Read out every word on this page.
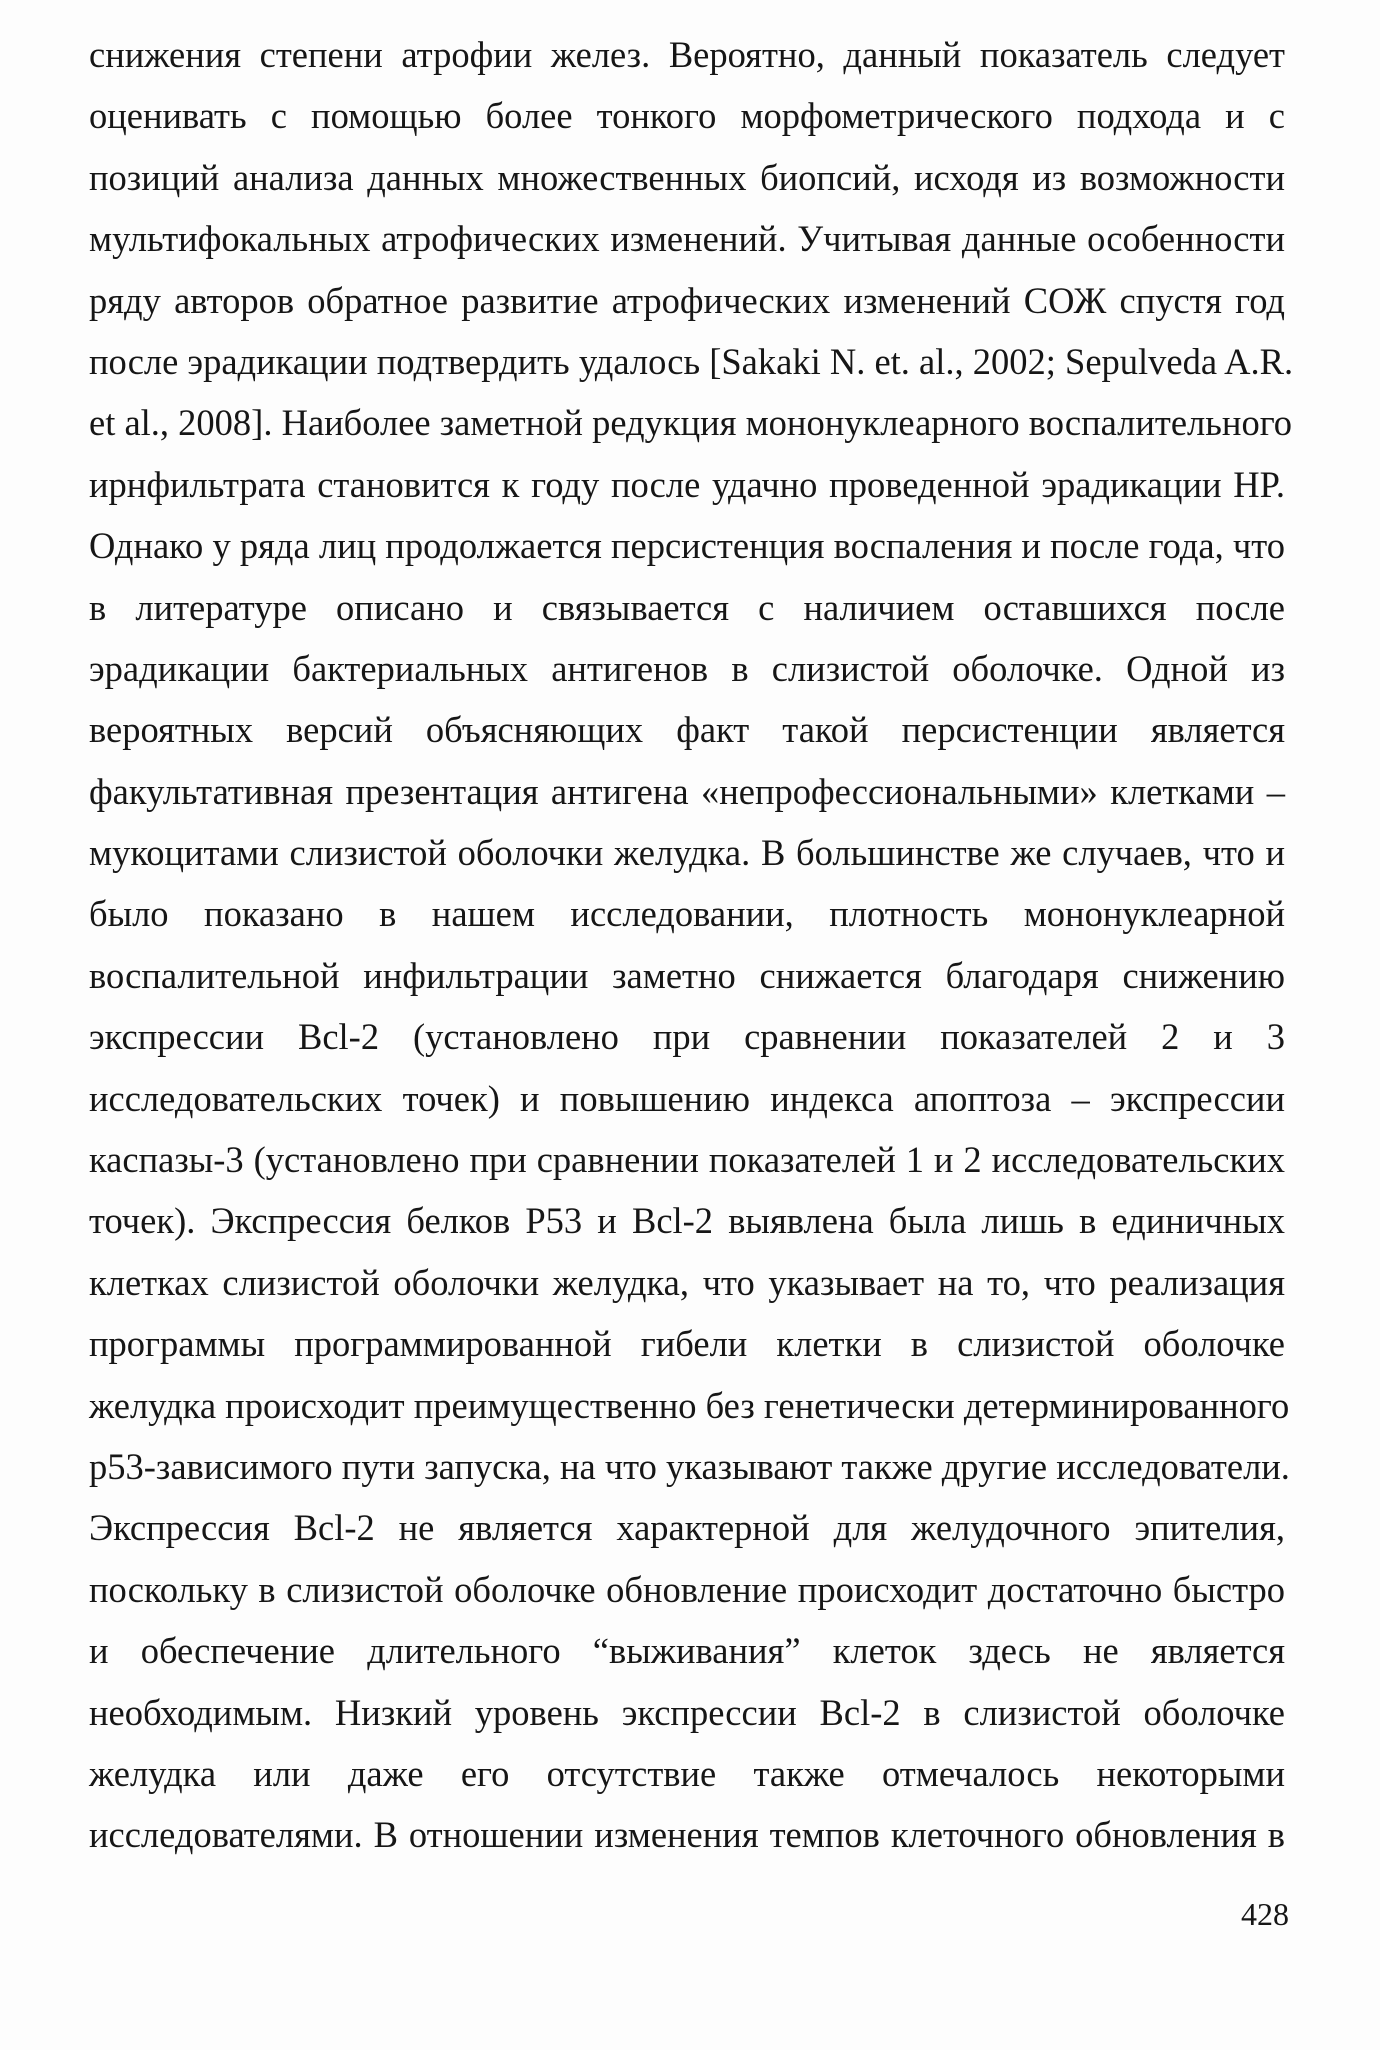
снижения степени атрофии желез. Вероятно, данный показатель следует
оценивать с помощью более тонкого морфометрического подхода и с
позиций анализа данных множественных биопсий, исходя из возможности
мультифокальных атрофических изменений. Учитывая данные особенности
ряду авторов обратное развитие атрофических изменений СОЖ спустя год
после эрадикации подтвердить удалось [Sakaki N. et. al., 2002; Sepulveda A.R.
et al., 2008]. Наиболее заметной редукция мононуклеарного воспалительного
ирнфильтрата становится к году после удачно проведенной эрадикации HP.
Однако у ряда лиц продолжается персистенция воспаления и после года, что
в литературе описано и связывается с наличием оставшихся после
эрадикации бактериальных антигенов в слизистой оболочке. Одной из
вероятных версий объясняющих факт такой персистенции является
факультативная презентация антигена «непрофессиональными» клетками –
мукоцитами слизистой оболочки желудка. В большинстве же случаев, что и
было показано в нашем исследовании, плотность мононуклеарной
воспалительной инфильтрации заметно снижается благодаря снижению
экспрессии Bcl-2 (установлено при сравнении показателей 2 и 3
исследовательских точек) и повышению индекса апоптоза – экспрессии
каспазы-3 (установлено при сравнении показателей 1 и 2 исследовательских
точек). Экспрессия белков P53 и Bcl-2 выявлена была лишь в единичных
клетках слизистой оболочки желудка, что указывает на то, что реализация
программы программированной гибели клетки в слизистой оболочке
желудка происходит преимущественно без генетически детерминированного
p53-зависимого пути запуска, на что указывают также другие исследователи.
Экспрессия Bcl-2 не является характерной для желудочного эпителия,
поскольку в слизистой оболочке обновление происходит достаточно быстро
и обеспечение длительного “выживания” клеток здесь не является
необходимым. Низкий уровень экспрессии Bcl-2 в слизистой оболочке
желудка или даже его отсутствие также отмечалось некоторыми
исследователями. В отношении изменения темпов клеточного обновления в
428
